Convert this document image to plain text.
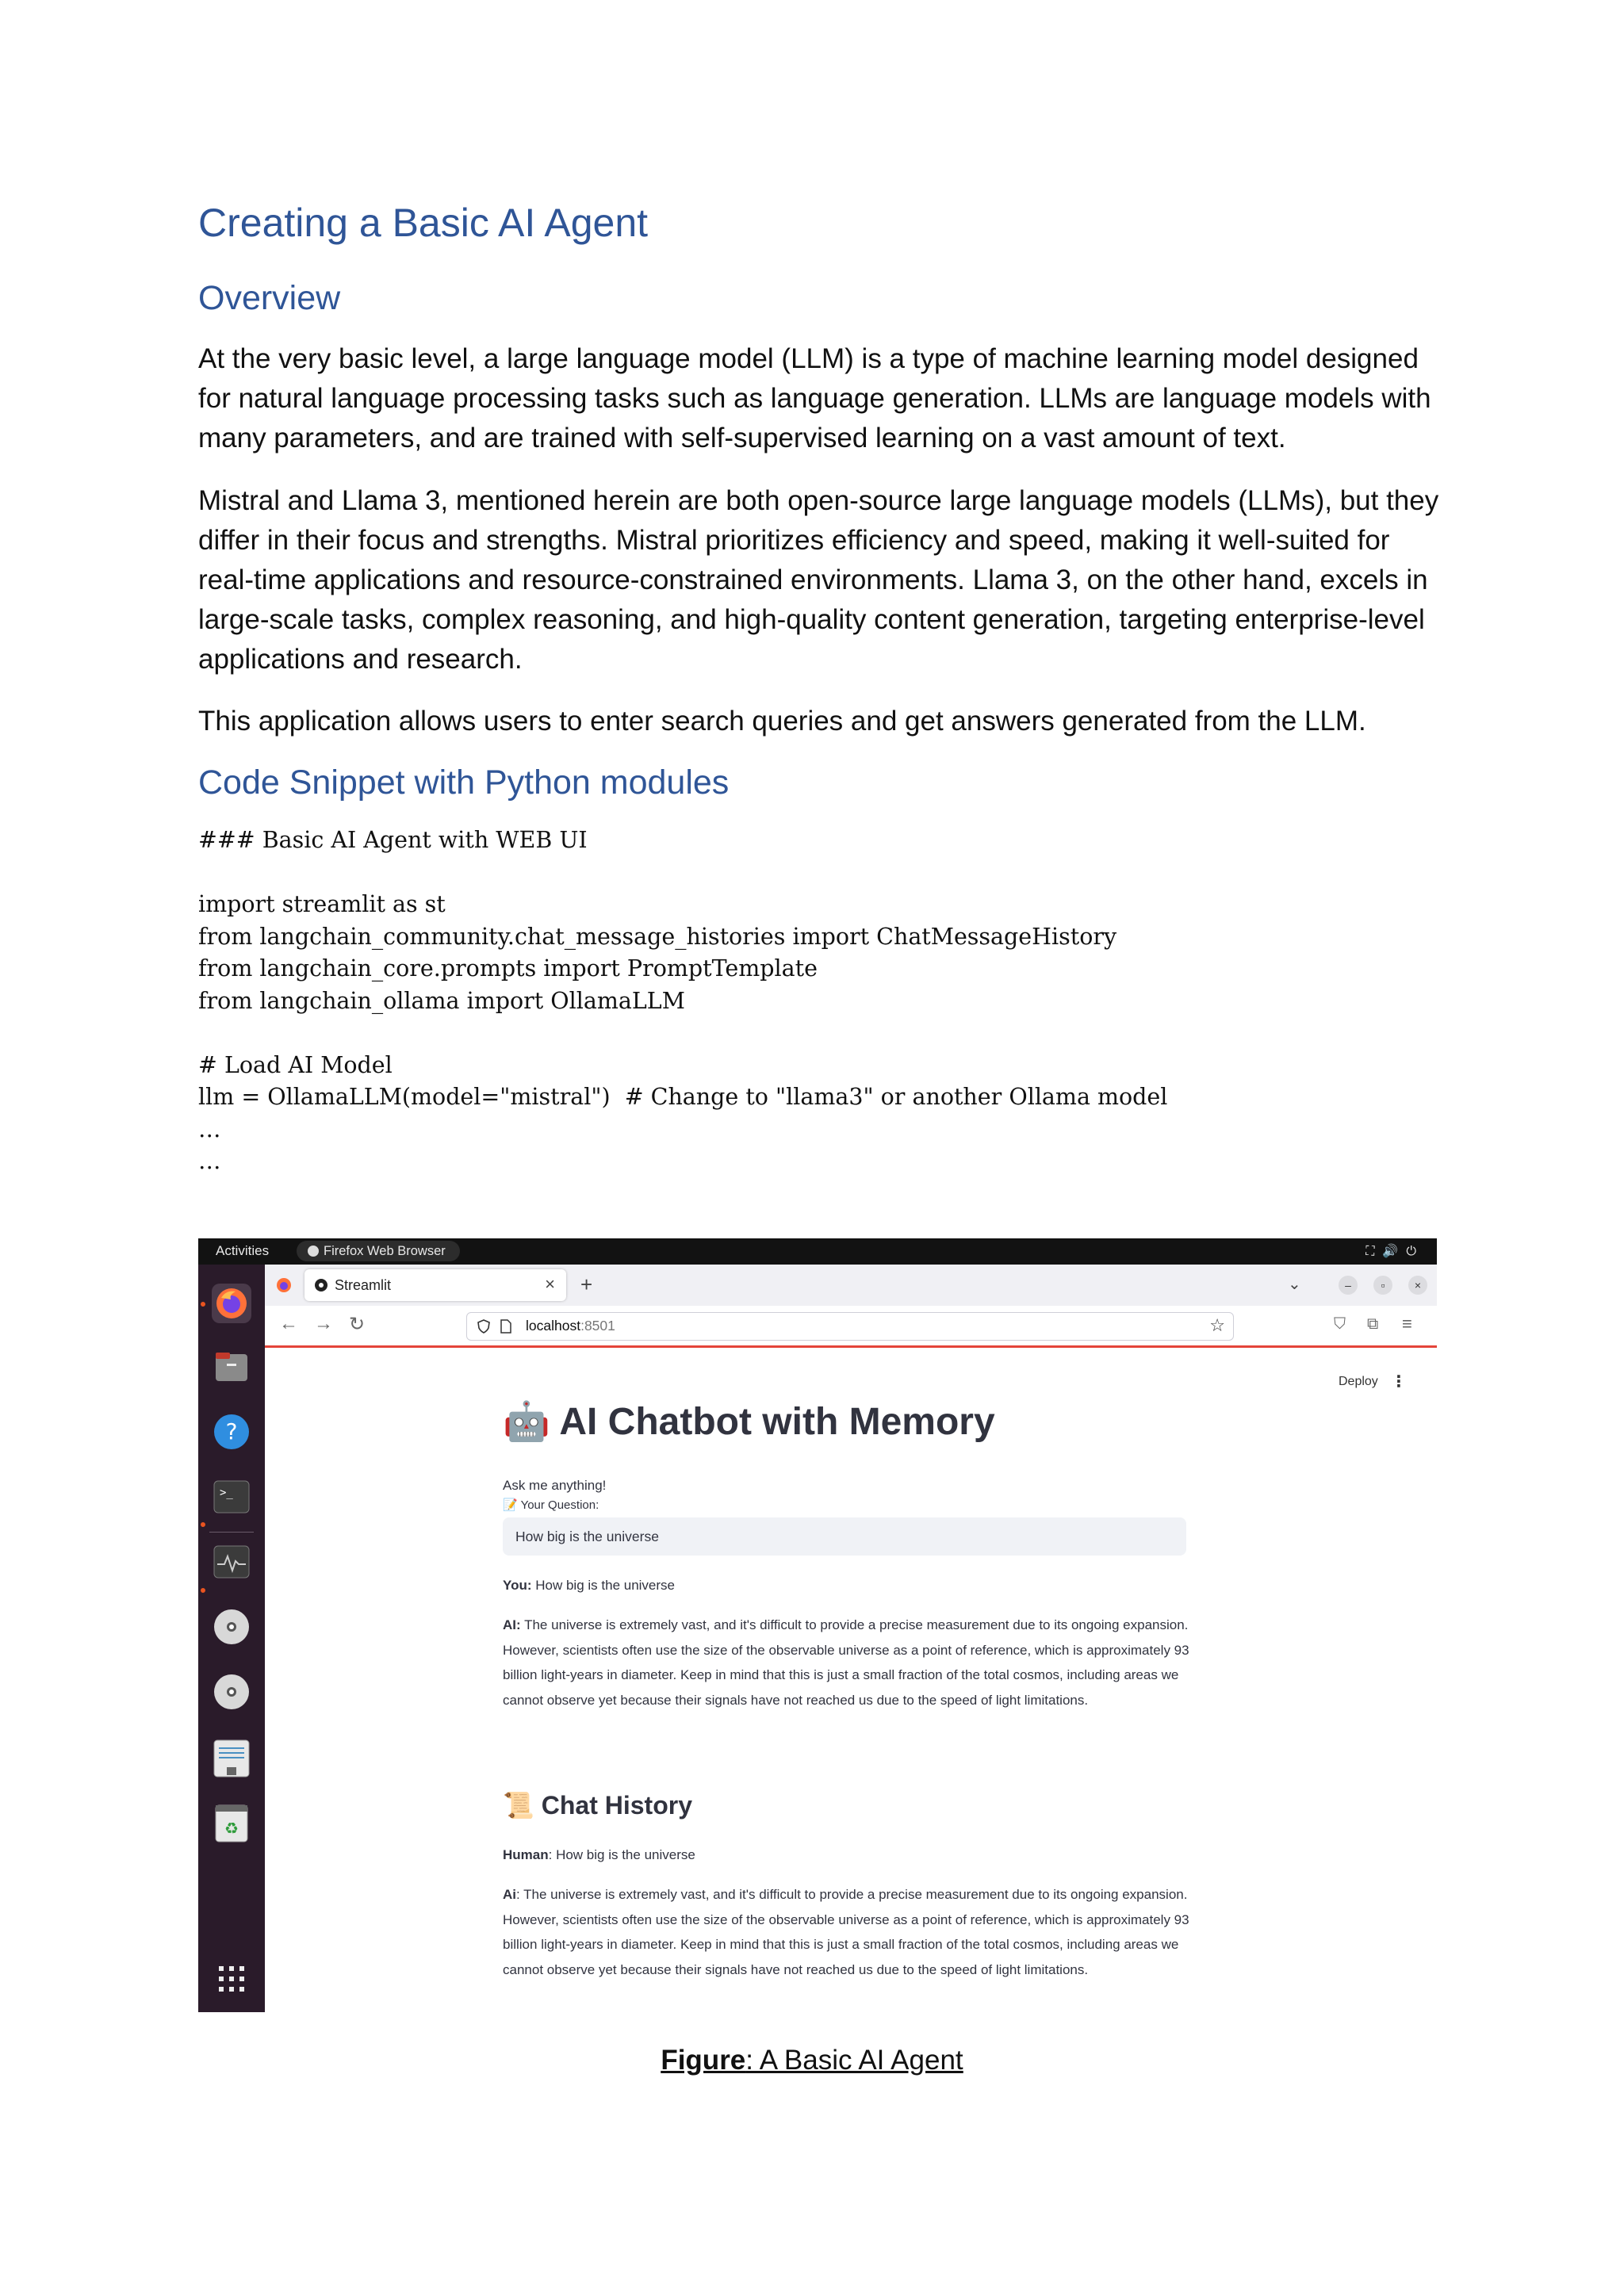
Creating a Basic AI Agent
Overview

At the very basic level, a large language model (LLM) is a type of machine learning model designed for natural language processing tasks such as language generation. LLMs are language models with many parameters, and are trained with self-supervised learning on a vast amount of text.

Mistral and Llama 3, mentioned herein are both open-source large language models (LLMs), but they differ in their focus and strengths. Mistral prioritizes efficiency and speed, making it well-suited for real-time applications and resource-constrained environments. Llama 3, on the other hand, excels in large-scale tasks, complex reasoning, and high-quality content generation, targeting enterprise-level applications and research.

This application allows users to enter search queries and get answers generated from the LLM.

Code Snippet with Python modules
### Basic AI Agent with WEB UI
import streamlit as st
from langchain_community.chat_message_histories import ChatMessageHistory
from langchain_core.prompts import PromptTemplate
from langchain_ollama import OllamaLLM
# Load AI Model
llm = OllamaLLM(model="mistral")  # Change to "llama3" or another Ollama model
…
…
Activities	Firefox Web Browser	⛶🔊⏻
?
>_
♻
Streamlit	× +	⌄	–	▫	×
← → ↻	localhost:8501	☆	⛉ ⧉ ≡
Deploy ⋮
🤖 AI Chatbot with Memory
Ask me anything!
📝 Your Question:
How big is the universe
You: How big is the universe
AI: The universe is extremely vast, and it's difficult to provide a precise measurement due to its ongoing expansion. However, scientists often use the size of the observable universe as a point of reference, which is approximately 93 billion light-years in diameter. Keep in mind that this is just a small fraction of the total cosmos, including areas we cannot observe yet because their signals have not reached us due to the speed of light limitations.
📜 Chat History
Human: How big is the universe
Ai: The universe is extremely vast, and it's difficult to provide a precise measurement due to its ongoing expansion. However, scientists often use the size of the observable universe as a point of reference, which is approximately 93 billion light-years in diameter. Keep in mind that this is just a small fraction of the total cosmos, including areas we cannot observe yet because their signals have not reached us due to the speed of light limitations.
Figure: A Basic AI Agent
